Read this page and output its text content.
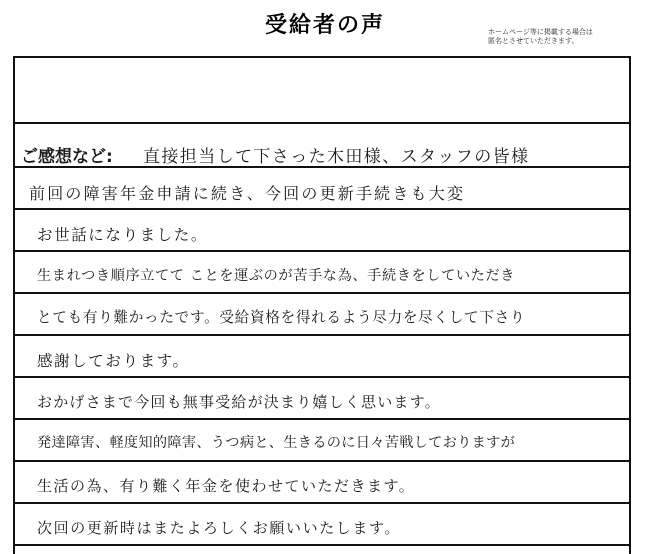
受給者の声	ホームページ等に掲載する場合は
匿名とさせていただきます。
ご感想など: 直接担当して下さった木田様、スタッフの皆様
前回の障害年金申請に続き、今回の更新手続きも大変
お世話になりました。
生まれつき順序立てて ことを運ぶのが苦手な為、手続きをしていただき
とても有り難かったです。受給資格を得れるよう尽力を尽くして下さり
感謝しております。
おかげさまで今回も無事受給が決まり嬉しく思います。
発達障害、軽度知的障害、うつ病と、生きるのに日々苦戦しておりますが
生活の為、有り難く年金を使わせていただきます。
次回の更新時はまたよろしくお願いいたします。
